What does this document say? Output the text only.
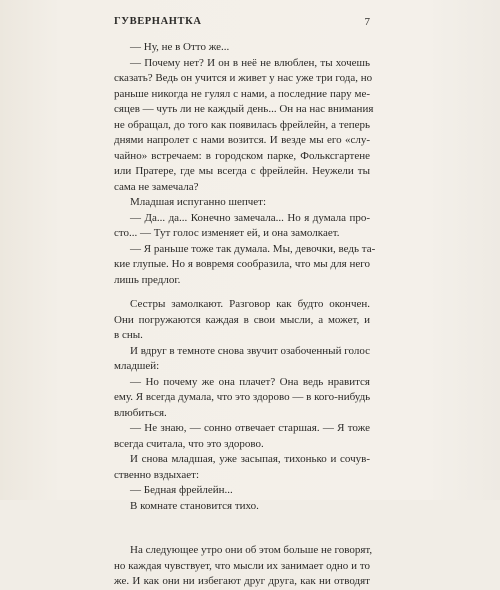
ГУВЕРНАНТКА	7
— Ну, не в Отто же...
— Почему нет? И он в неё не влюблен, ты хочешь
сказать? Ведь он учится и живет у нас уже три года, но
раньше никогда не гулял с нами, а последние пару ме-
сяцев — чуть ли не каждый день... Он на нас внимания
не обращал, до того как появилась фрейлейн, а теперь
днями напролет с нами возится. И везде мы его «слу-
чайно» встречаем: в городском парке, Фольксгартене
или Пратере, где мы всегда с фрейлейн. Неужели ты
сама не замечала?
Младшая испуганно шепчет:
— Да... да... Конечно замечала... Но я думала про-
сто... — Тут голос изменяет ей, и она замолкает.
— Я раньше тоже так думала. Мы, девочки, ведь та-
кие глупые. Но я вовремя сообразила, что мы для него
лишь предлог.
Сестры замолкают. Разговор как будто окончен.
Они погружаются каждая в свои мысли, а может, и
в сны.
И вдруг в темноте снова звучит озабоченный голос
младшей:
— Но почему же она плачет? Она ведь нравится
ему. Я всегда думала, что это здорово — в кого-нибудь
влюбиться.
— Не знаю, — сонно отвечает старшая. — Я тоже
всегда считала, что это здорово.
И снова младшая, уже засыпая, тихонько и сочув-
ственно вздыхает:
— Бедная фрейлейн...
В комнате становится тихо.
На следующее утро они об этом больше не говорят,
но каждая чувствует, что мысли их занимает одно и то
же. И как они ни избегают друг друга, как ни отводят
